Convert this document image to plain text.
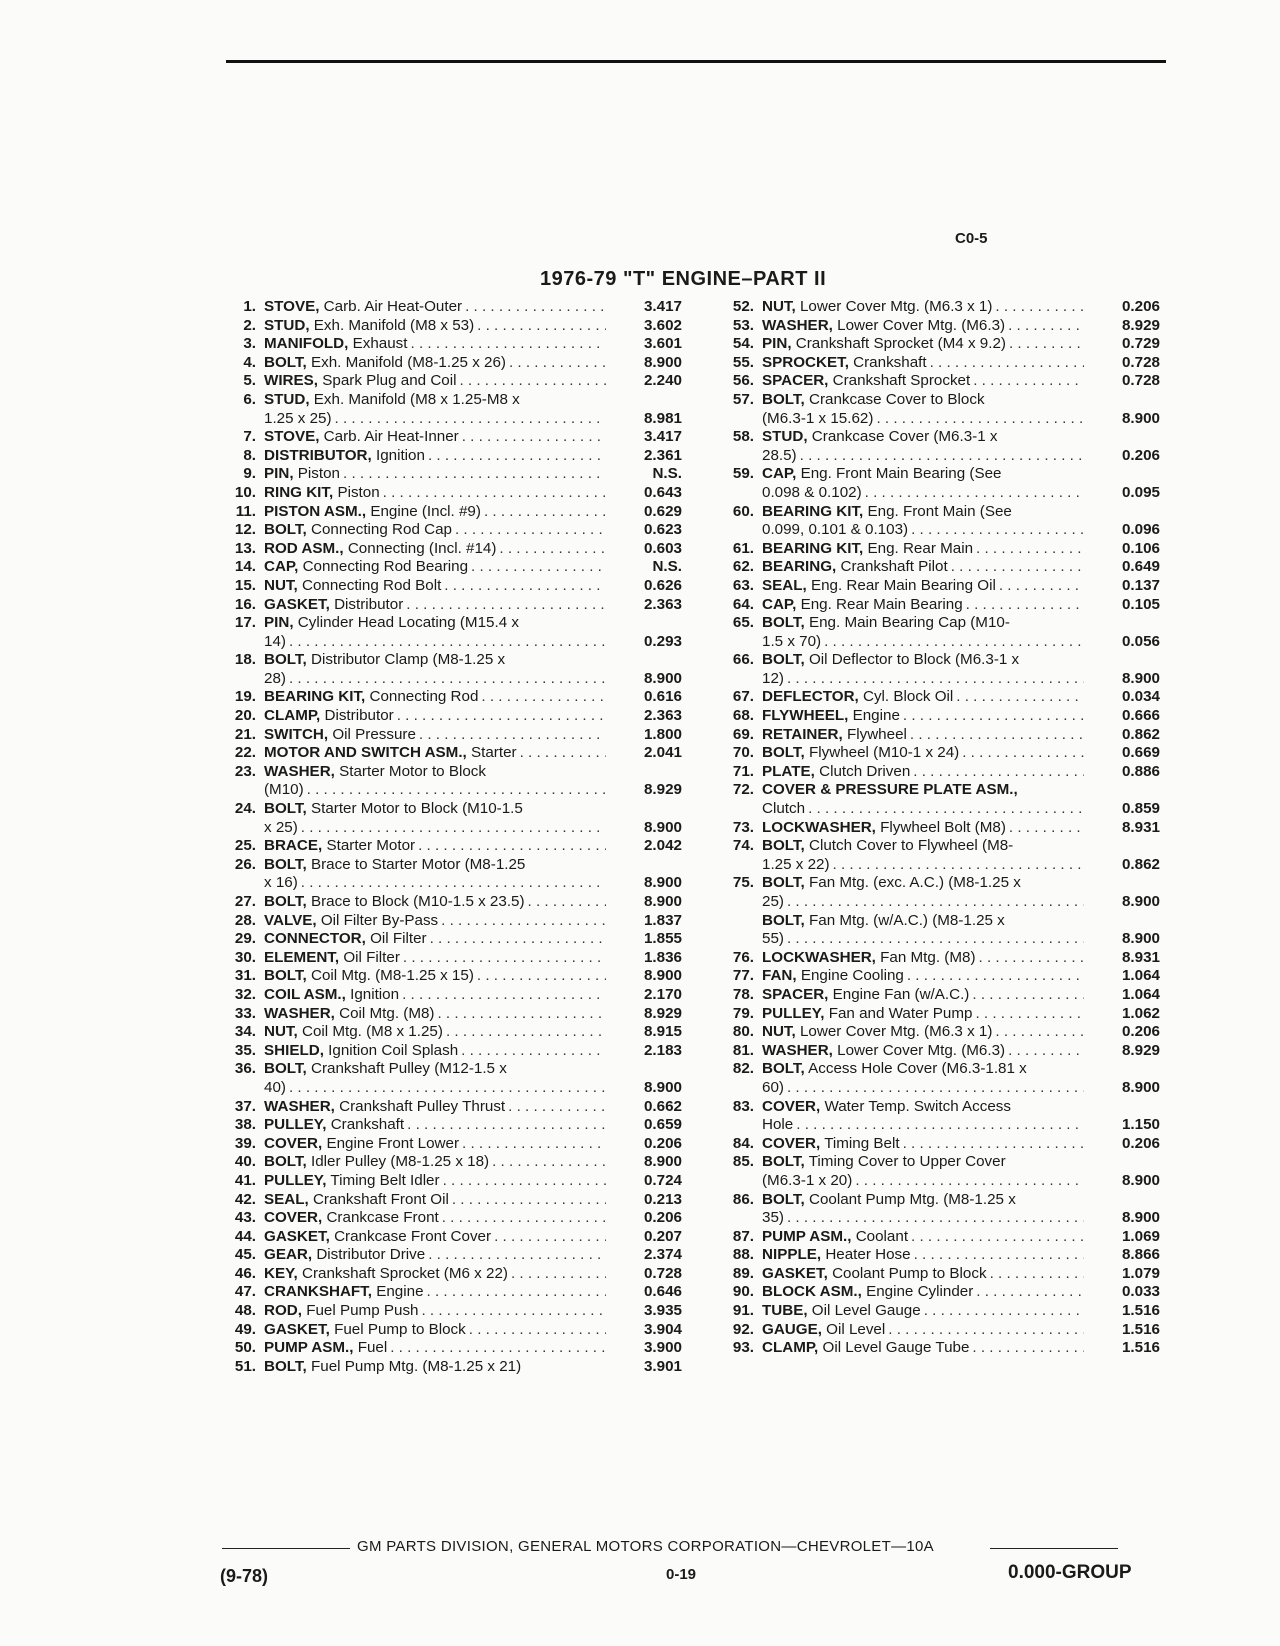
C0-5
1976-79 "T" ENGINE–PART II
1. STOVE, Carb. Air Heat-Outer . . .	3.417
2. STUD, Exh. Manifold (M8 x 53) . . .	3.602
3. MANIFOLD, Exhaust . . .	3.601
4. BOLT, Exh. Manifold (M8-1.25 x 26) . . .	8.900
5. WIRES, Spark Plug and Coil . . .	2.240
6. STUD, Exh. Manifold (M8 x 1.25-M8 x
1.25 x 25) . . .	8.981
7. STOVE, Carb. Air Heat-Inner . . .	3.417
8. DISTRIBUTOR, Ignition . . .	2.361
9. PIN, Piston . . .	N.S.
10. RING KIT, Piston . . .	0.643
11. PISTON ASM., Engine (Incl. #9) . . .	0.629
12. BOLT, Connecting Rod Cap . . .	0.623
13. ROD ASM., Connecting (Incl. #14) . . .	0.603
14. CAP, Connecting Rod Bearing . . .	N.S.
15. NUT, Connecting Rod Bolt . . .	0.626
16. GASKET, Distributor . . .	2.363
17. PIN, Cylinder Head Locating (M15.4 x
14) . . .	0.293
18. BOLT, Distributor Clamp (M8-1.25 x
28) . . .	8.900
19. BEARING KIT, Connecting Rod . . .	0.616
20. CLAMP, Distributor . . .	2.363
21. SWITCH, Oil Pressure . . .	1.800
22. MOTOR AND SWITCH ASM., Starter . . .	2.041
23. WASHER, Starter Motor to Block
(M10) . . .	8.929
24. BOLT, Starter Motor to Block (M10-1.5
x 25) . . .	8.900
25. BRACE, Starter Motor . . .	2.042
26. BOLT, Brace to Starter Motor (M8-1.25
x 16) . . .	8.900
27. BOLT, Brace to Block (M10-1.5 x 23.5) . . .	8.900
28. VALVE, Oil Filter By-Pass . . .	1.837
29. CONNECTOR, Oil Filter . . .	1.855
30. ELEMENT, Oil Filter . . .	1.836
31. BOLT, Coil Mtg. (M8-1.25 x 15) . . .	8.900
32. COIL ASM., Ignition . . .	2.170
33. WASHER, Coil Mtg. (M8) . . .	8.929
34. NUT, Coil Mtg. (M8 x 1.25) . . .	8.915
35. SHIELD, Ignition Coil Splash . . .	2.183
36. BOLT, Crankshaft Pulley (M12-1.5 x
40) . . .	8.900
37. WASHER, Crankshaft Pulley Thrust . . .	0.662
38. PULLEY, Crankshaft . . .	0.659
39. COVER, Engine Front Lower . . .	0.206
40. BOLT, Idler Pulley (M8-1.25 x 18) . . .	8.900
41. PULLEY, Timing Belt Idler . . .	0.724
42. SEAL, Crankshaft Front Oil . . .	0.213
43. COVER, Crankcase Front . . .	0.206
44. GASKET, Crankcase Front Cover . . .	0.207
45. GEAR, Distributor Drive . . .	2.374
46. KEY, Crankshaft Sprocket (M6 x 22) . . .	0.728
47. CRANKSHAFT, Engine . . .	0.646
48. ROD, Fuel Pump Push . . .	3.935
49. GASKET, Fuel Pump to Block . . .	3.904
50. PUMP ASM., Fuel . . .	3.900
51. BOLT, Fuel Pump Mtg. (M8-1.25 x 21)	3.901
52. NUT, Lower Cover Mtg. (M6.3 x 1) . . .	0.206
53. WASHER, Lower Cover Mtg. (M6.3) . . .	8.929
54. PIN, Crankshaft Sprocket (M4 x 9.2) . . .	0.729
55. SPROCKET, Crankshaft . . .	0.728
56. SPACER, Crankshaft Sprocket . . .	0.728
57. BOLT, Crankcase Cover to Block
(M6.3-1 x 15.62) . . .	8.900
58. STUD, Crankcase Cover (M6.3-1 x
28.5) . . .	0.206
59. CAP, Eng. Front Main Bearing (See
0.098 & 0.102) . . .	0.095
60. BEARING KIT, Eng. Front Main (See
0.099, 0.101 & 0.103) . . .	0.096
61. BEARING KIT, Eng. Rear Main . . .	0.106
62. BEARING, Crankshaft Pilot . . .	0.649
63. SEAL, Eng. Rear Main Bearing Oil . . .	0.137
64. CAP, Eng. Rear Main Bearing . . .	0.105
65. BOLT, Eng. Main Bearing Cap (M10-
1.5 x 70) . . .	0.056
66. BOLT, Oil Deflector to Block (M6.3-1 x
12) . . .	8.900
67. DEFLECTOR, Cyl. Block Oil . . .	0.034
68. FLYWHEEL, Engine . . .	0.666
69. RETAINER, Flywheel . . .	0.862
70. BOLT, Flywheel (M10-1 x 24) . . .	0.669
71. PLATE, Clutch Driven . . .	0.886
72. COVER & PRESSURE PLATE ASM.,
Clutch . . .	0.859
73. LOCKWASHER, Flywheel Bolt (M8) . . .	8.931
74. BOLT, Clutch Cover to Flywheel (M8-
1.25 x 22) . . .	0.862
75. BOLT, Fan Mtg. (exc. A.C.) (M8-1.25 x
25) . . .	8.900
BOLT, Fan Mtg. (w/A.C.) (M8-1.25 x
55) . . .	8.900
76. LOCKWASHER, Fan Mtg. (M8) . . .	8.931
77. FAN, Engine Cooling . . .	1.064
78. SPACER, Engine Fan (w/A.C.) . . .	1.064
79. PULLEY, Fan and Water Pump . . .	1.062
80. NUT, Lower Cover Mtg. (M6.3 x 1) . . .	0.206
81. WASHER, Lower Cover Mtg. (M6.3) . . .	8.929
82. BOLT, Access Hole Cover (M6.3-1.81 x
60) . . .	8.900
83. COVER, Water Temp. Switch Access
Hole . . .	1.150
84. COVER, Timing Belt . . .	0.206
85. BOLT, Timing Cover to Upper Cover
(M6.3-1 x 20) . . .	8.900
86. BOLT, Coolant Pump Mtg. (M8-1.25 x
35) . . .	8.900
87. PUMP ASM., Coolant . . .	1.069
88. NIPPLE, Heater Hose . . .	8.866
89. GASKET, Coolant Pump to Block . . .	1.079
90. BLOCK ASM., Engine Cylinder . . .	0.033
91. TUBE, Oil Level Gauge . . .	1.516
92. GAUGE, Oil Level . . .	1.516
93. CLAMP, Oil Level Gauge Tube . . .	1.516
GM PARTS DIVISION, GENERAL MOTORS CORPORATION—CHEVROLET—10A
(9-78)	0-19	0.000-GROUP
